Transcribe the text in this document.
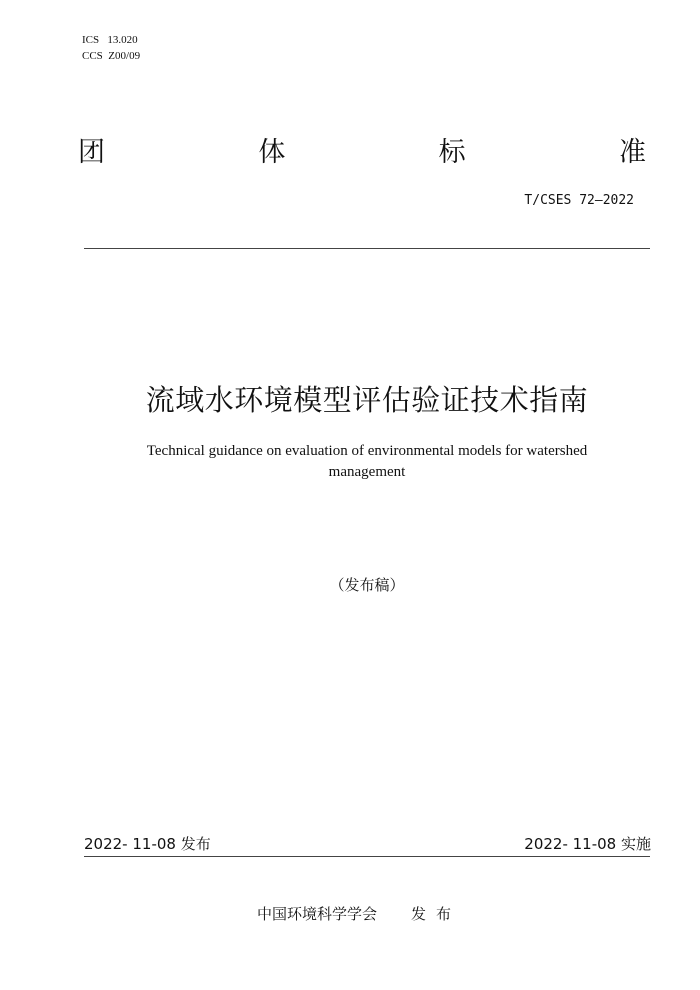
ICS 13.020
CCS Z00/09
团	体	标	准
T/CSES 72—2022
流域水环境模型评估验证技术指南
Technical guidance on evaluation of environmental models for watershed management
（发布稿）
2022- 11-08 发布	2022- 11-08 实施
中国环境科学学会 发布
